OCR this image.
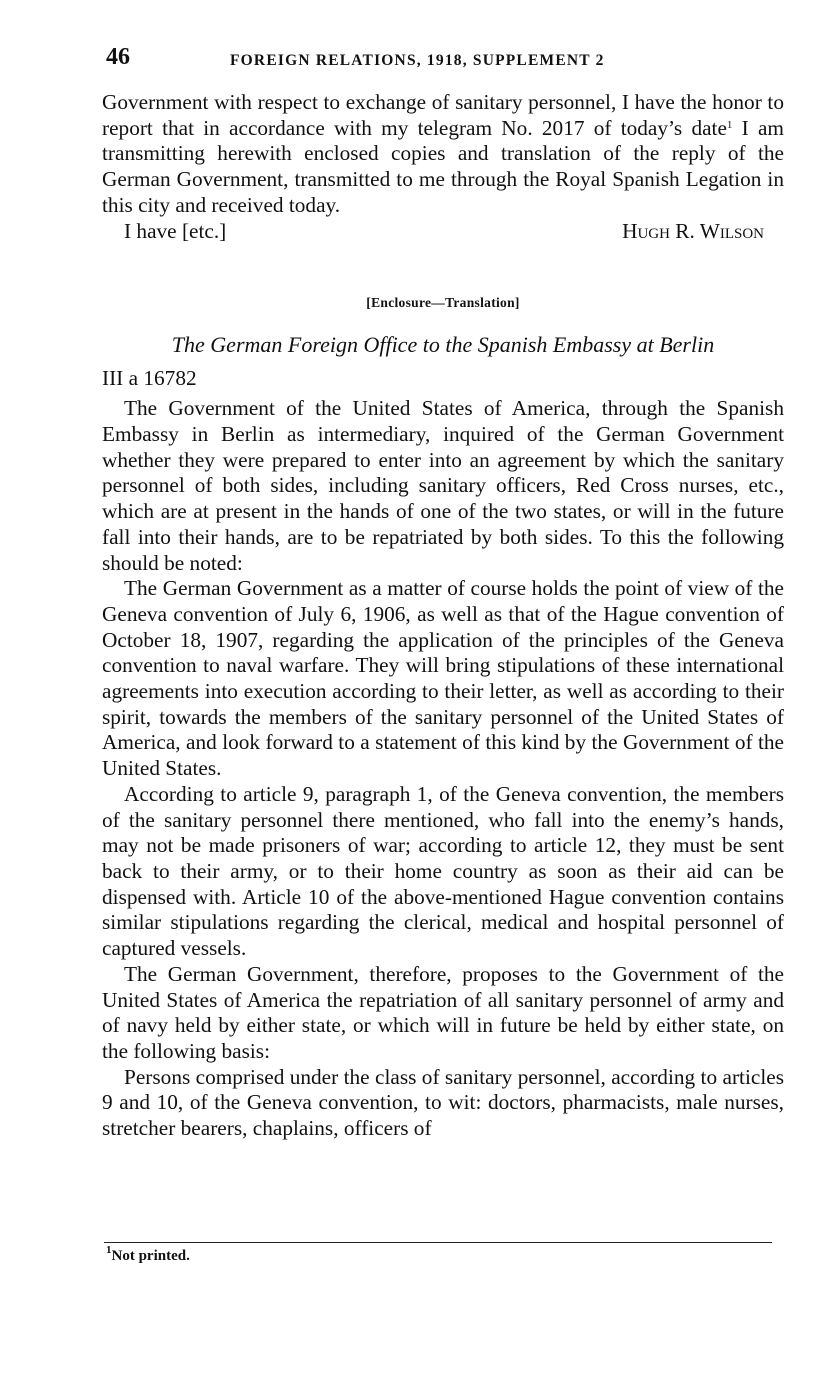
46	FOREIGN RELATIONS, 1918, SUPPLEMENT 2

Government with respect to exchange of sanitary personnel, I have the honor to report that in accordance with my telegram No. 2017 of today’s date$^1$ I am transmitting herewith enclosed copies and translation of the reply of the German Government, transmitted to me through the Royal Spanish Legation in this city and received today.

I have [etc.]	Hugh R. Wilson
[Enclosure—Translation]
The German Foreign Office to the Spanish Embassy at Berlin
III a 16782

The Government of the United States of America, through the Spanish Embassy in Berlin as intermediary, inquired of the German Government whether they were prepared to enter into an agreement by which the sanitary personnel of both sides, including sanitary officers, Red Cross nurses, etc., which are at present in the hands of one of the two states, or will in the future fall into their hands, are to be repatriated by both sides. To this the following should be noted:

The German Government as a matter of course holds the point of view of the Geneva convention of July 6, 1906, as well as that of the Hague convention of October 18, 1907, regarding the application of the principles of the Geneva convention to naval warfare. They will bring stipulations of these international agreements into execution according to their letter, as well as according to their spirit, towards the members of the sanitary personnel of the United States of America, and look forward to a statement of this kind by the Government of the United States.

According to article 9, paragraph 1, of the Geneva convention, the members of the sanitary personnel there mentioned, who fall into the enemy’s hands, may not be made prisoners of war; according to article 12, they must be sent back to their army, or to their home country as soon as their aid can be dispensed with. Article 10 of the above-mentioned Hague convention contains similar stipulations regarding the clerical, medical and hospital personnel of captured vessels.

The German Government, therefore, proposes to the Government of the United States of America the repatriation of all sanitary personnel of army and of navy held by either state, or which will in future be held by either state, on the following basis:

Persons comprised under the class of sanitary personnel, according to articles 9 and 10, of the Geneva convention, to wit: doctors, pharmacists, male nurses, stretcher bearers, chaplains, officers of

$^1$Not printed.
